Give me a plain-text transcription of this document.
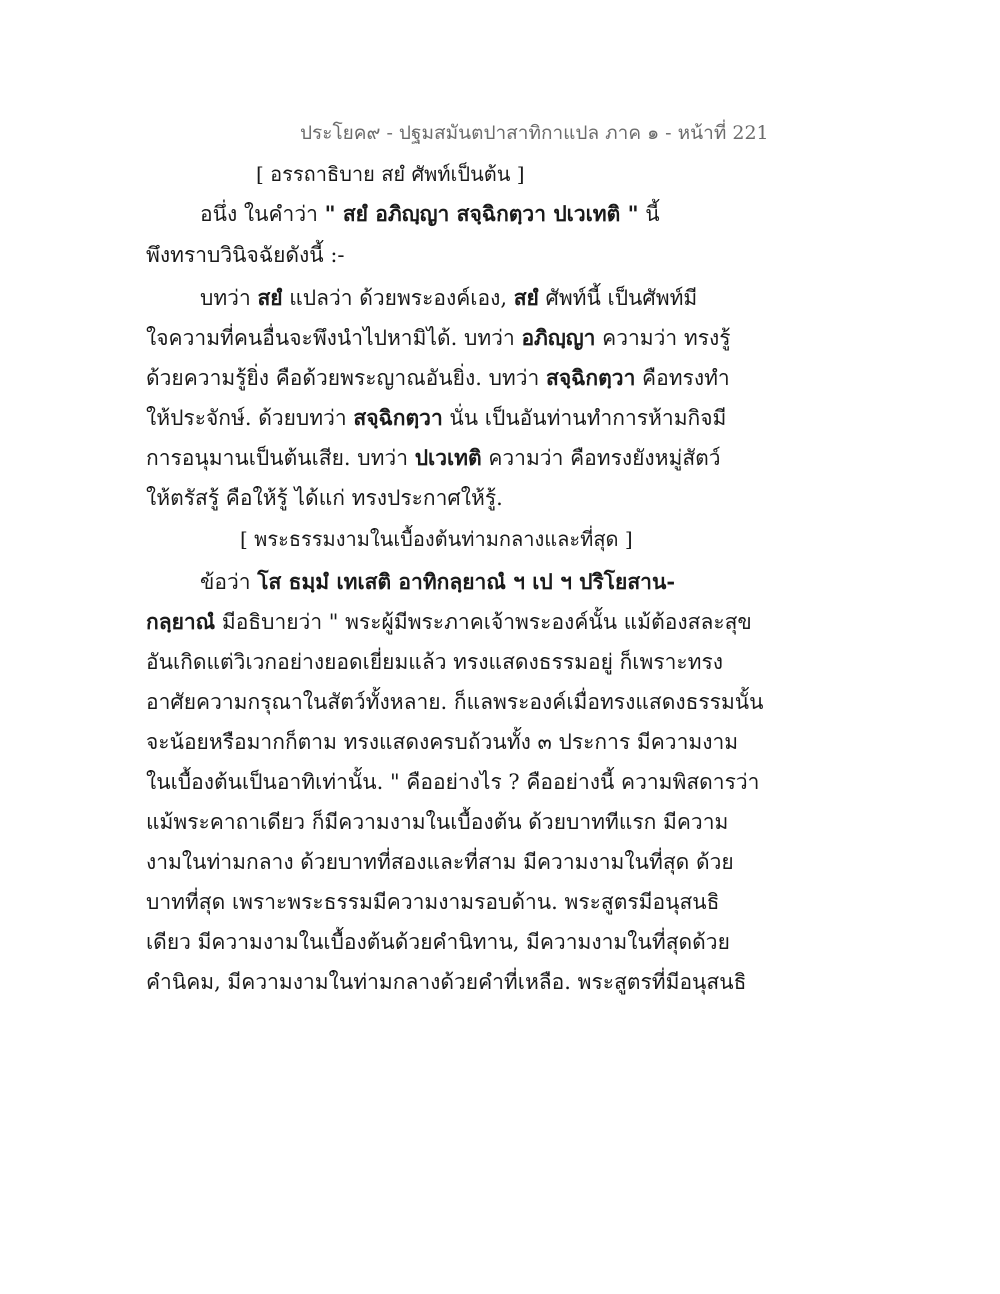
ประโยค๙ - ปฐมสมันตปาสาทิกาแปล ภาค ๑ - หน้าที่ 221
[ อรรถาธิบาย สยํ ศัพท์เป็นต้น ]
อนึ่ง ในคำว่า " สยํ อภิญฺญา สจฺฉิกตฺวา ปเวเทติ " นี้
พึงทราบวินิจฉัยดังนี้ :-
บทว่า สยํ แปลว่า ด้วยพระองค์เอง, สยํ ศัพท์นี้ เป็นศัพท์มี
ใจความที่คนอื่นจะพึงนำไปหามิได้. บทว่า อภิญฺญา ความว่า ทรงรู้
ด้วยความรู้ยิ่ง คือด้วยพระญาณอันยิ่ง. บทว่า สจฺฉิกตฺวา คือทรงทำ
ให้ประจักษ์. ด้วยบทว่า สจฺฉิกตฺวา นั่น เป็นอันท่านทำการห้ามกิจมี
การอนุมานเป็นต้นเสีย. บทว่า ปเวเทติ ความว่า คือทรงยังหมู่สัตว์
ให้ตรัสรู้ คือให้รู้ ได้แก่ ทรงประกาศให้รู้.
[ พระธรรมงามในเบื้องต้นท่ามกลางและที่สุด ]
ข้อว่า โส ธมฺมํ เทเสติ อาทิกลฺยาณํ ฯ เป ฯ ปริโยสาน-
กลฺยาณํ มีอธิบายว่า " พระผู้มีพระภาคเจ้าพระองค์นั้น แม้ต้องสละสุข
อันเกิดแต่วิเวกอย่างยอดเยี่ยมแล้ว ทรงแสดงธรรมอยู่ ก็เพราะทรง
อาศัยความกรุณาในสัตว์ทั้งหลาย. ก็แลพระองค์เมื่อทรงแสดงธรรมนั้น
จะน้อยหรือมากก็ตาม ทรงแสดงครบถ้วนทั้ง ๓ ประการ มีความงาม
ในเบื้องต้นเป็นอาทิเท่านั้น. " คืออย่างไร ? คืออย่างนี้ ความพิสดารว่า
แม้พระคาถาเดียว ก็มีความงามในเบื้องต้น ด้วยบาททีแรก มีความ
งามในท่ามกลาง ด้วยบาทที่สองและที่สาม มีความงามในที่สุด ด้วย
บาทที่สุด เพราะพระธรรมมีความงามรอบด้าน. พระสูตรมีอนุสนธิ
เดียว มีความงามในเบื้องต้นด้วยคำนิทาน, มีความงามในที่สุดด้วย
คำนิคม, มีความงามในท่ามกลางด้วยคำที่เหลือ. พระสูตรที่มีอนุสนธิ
